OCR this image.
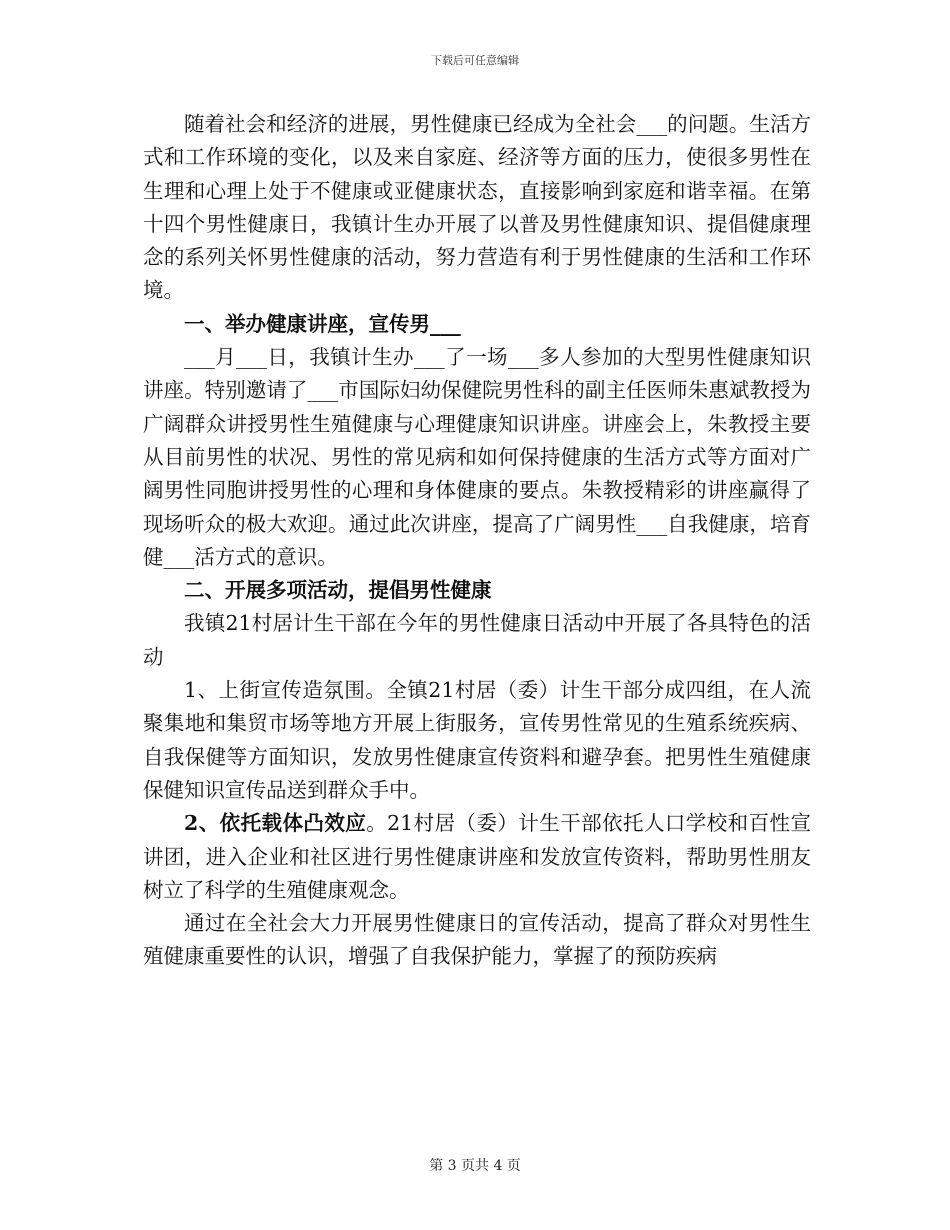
下载后可任意编辑

随着社会和经济的进展，男性健康已经成为全社会___的问题。生活方式和工作环境的变化，以及来自家庭、经济等方面的压力，使很多男性在生理和心理上处于不健康或亚健康状态，直接影响到家庭和谐幸福。在第十四个男性健康日，我镇计生办开展了以普及男性健康知识、提倡健康理念的系列关怀男性健康的活动，努力营造有利于男性健康的生活和工作环境。

一、举办健康讲座，宣传男___

___月___日，我镇计生办___了一场___多人参加的大型男性健康知识讲座。特别邀请了___市国际妇幼保健院男性科的副主任医师朱惠斌教授为广阔群众讲授男性生殖健康与心理健康知识讲座。讲座会上，朱教授主要从目前男性的状况、男性的常见病和如何保持健康的生活方式等方面对广阔男性同胞讲授男性的心理和身体健康的要点。朱教授精彩的讲座赢得了现场听众的极大欢迎。通过此次讲座，提高了广阔男性___自我健康，培育健___活方式的意识。

二、开展多项活动，提倡男性健康

我镇21村居计生干部在今年的男性健康日活动中开展了各具特色的活动

1、上街宣传造氛围。全镇21村居（委）计生干部分成四组，在人流聚集地和集贸市场等地方开展上街服务，宣传男性常见的生殖系统疾病、自我保健等方面知识，发放男性健康宣传资料和避孕套。把男性生殖健康保健知识宣传品送到群众手中。

2、依托载体凸效应。21村居（委）计生干部依托人口学校和百性宣讲团，进入企业和社区进行男性健康讲座和发放宣传资料，帮助男性朋友树立了科学的生殖健康观念。

通过在全社会大力开展男性健康日的宣传活动，提高了群众对男性生殖健康重要性的认识，增强了自我保护能力，掌握了的预防疾病

第 3 页共 4 页
